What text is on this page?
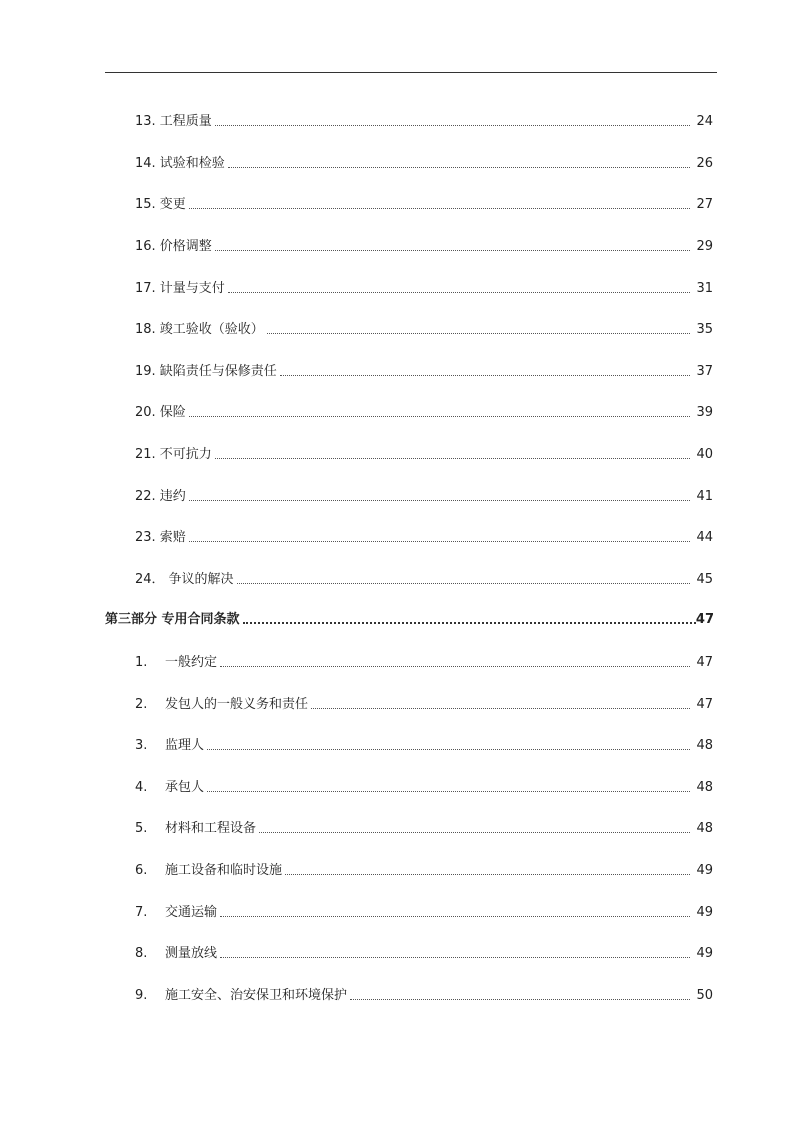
13. 工程质量	24
14. 试验和检验	26
15. 变更	27
16. 价格调整	29
17. 计量与支付	31
18. 竣工验收（验收）	35
19. 缺陷责任与保修责任	37
20. 保险	39
21. 不可抗力	40
22. 违约	41
23. 索赔	44
24． 争议的解决	45
第三部分 专用合同条款	47
1.	一般约定	47
2.	发包人的一般义务和责任	47
3.	监理人	48
4.	承包人	48
5.	材料和工程设备	48
6.	施工设备和临时设施	49
7.	交通运输	49
8.	测量放线	49
9.	施工安全、治安保卫和环境保护	50
